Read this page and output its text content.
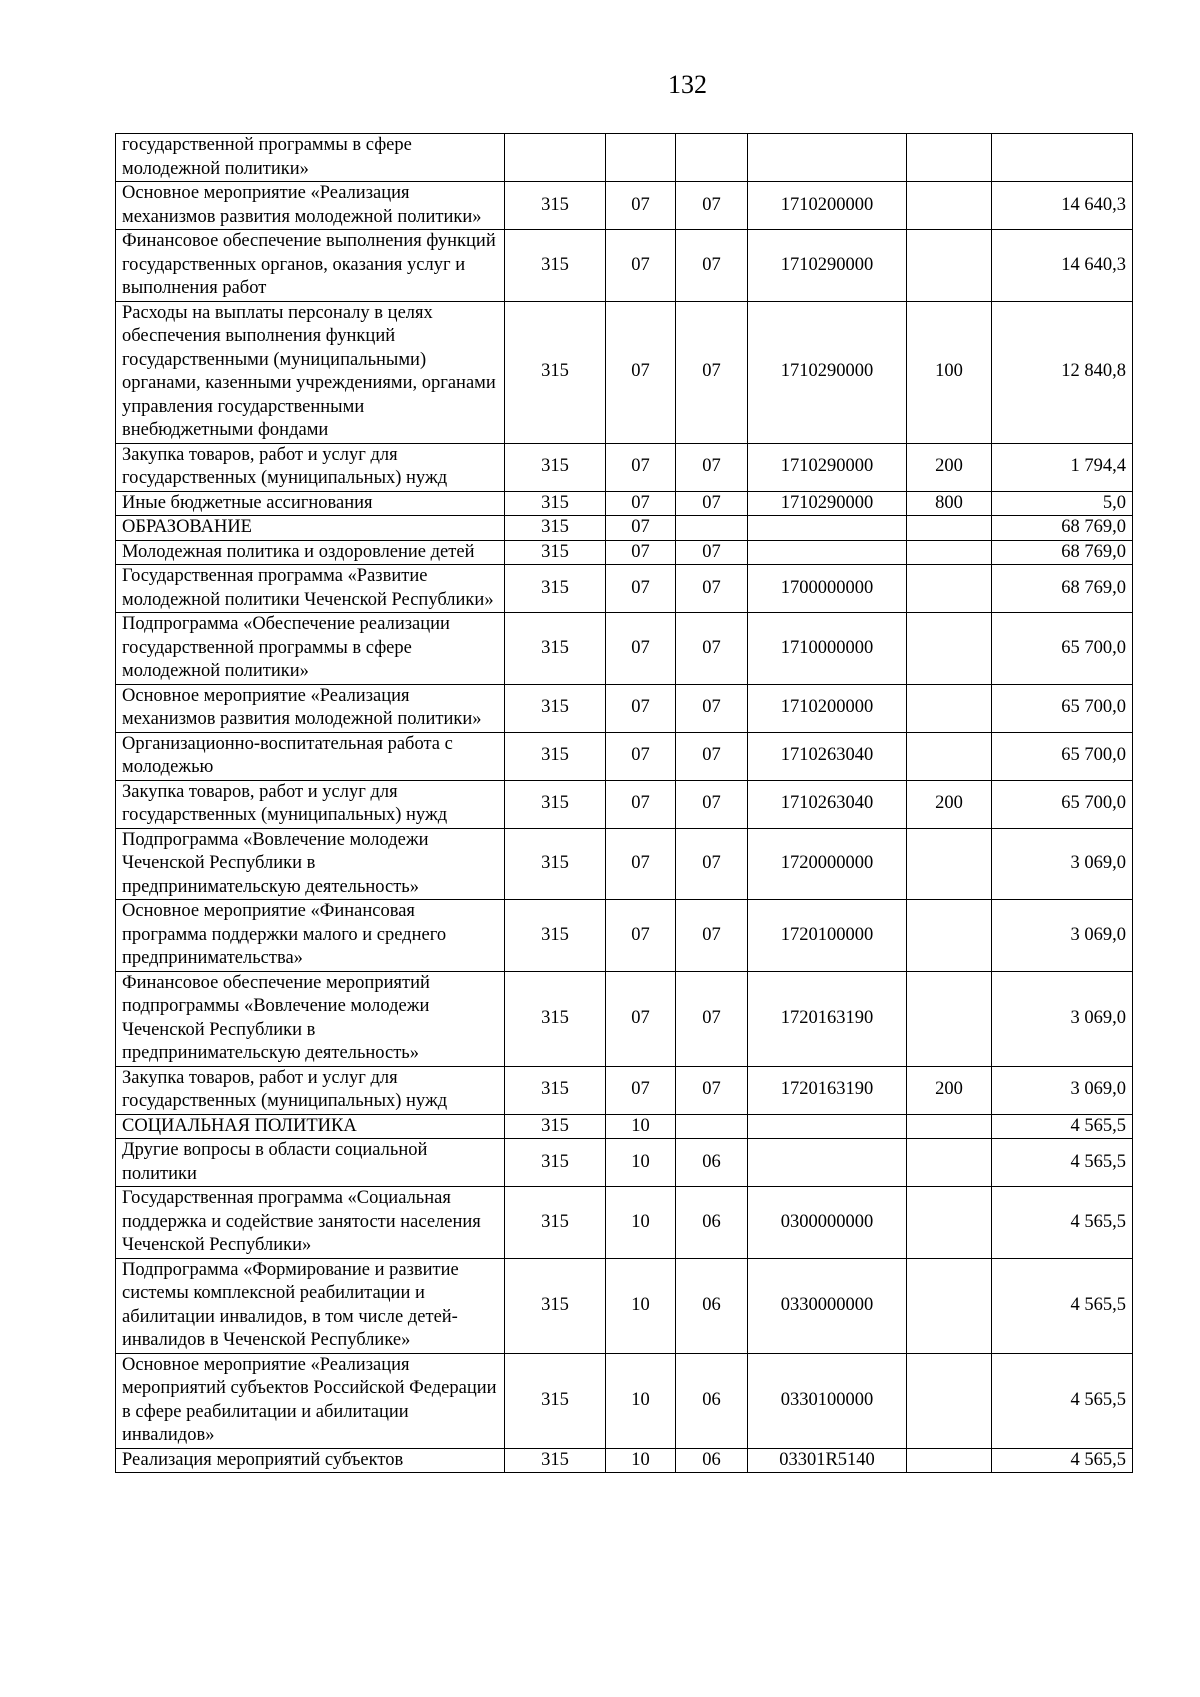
132
государственной программы в сфере молодежной политики»						
Основное мероприятие «Реализация механизмов развития молодежной политики»	315	07	07	1710200000		14 640,3
Финансовое обеспечение выполнения функций государственных органов, оказания услуг и выполнения работ	315	07	07	1710290000		14 640,3
Расходы на выплаты персоналу в целях обеспечения выполнения функций государственными (муниципальными) органами, казенными учреждениями, органами управления государственными внебюджетными фондами	315	07	07	1710290000	100	12 840,8
Закупка товаров, работ и услуг для государственных (муниципальных) нужд	315	07	07	1710290000	200	1 794,4
Иные бюджетные ассигнования	315	07	07	1710290000	800	5,0
ОБРАЗОВАНИЕ	315	07				68 769,0
Молодежная политика и оздоровление детей	315	07	07			68 769,0
Государственная программа «Развитие молодежной политики Чеченской Республики»	315	07	07	1700000000		68 769,0
Подпрограмма «Обеспечение реализации государственной программы в сфере молодежной политики»	315	07	07	1710000000		65 700,0
Основное мероприятие «Реализация механизмов развития молодежной политики»	315	07	07	1710200000		65 700,0
Организационно-воспитательная работа с молодежью	315	07	07	1710263040		65 700,0
Закупка товаров, работ и услуг для государственных (муниципальных) нужд	315	07	07	1710263040	200	65 700,0
Подпрограмма «Вовлечение молодежи Чеченской Республики в предпринимательскую деятельность»	315	07	07	1720000000		3 069,0
Основное мероприятие «Финансовая программа поддержки малого и среднего предпринимательства»	315	07	07	1720100000		3 069,0
Финансовое обеспечение мероприятий подпрограммы «Вовлечение молодежи Чеченской Республики в предпринимательскую деятельность»	315	07	07	1720163190		3 069,0
Закупка товаров, работ и услуг для государственных (муниципальных) нужд	315	07	07	1720163190	200	3 069,0
СОЦИАЛЬНАЯ ПОЛИТИКА	315	10				4 565,5
Другие вопросы в области социальной политики	315	10	06			4 565,5
Государственная программа «Социальная поддержка и содействие занятости населения Чеченской Республики»	315	10	06	0300000000		4 565,5
Подпрограмма «Формирование и развитие системы комплексной реабилитации и абилитации инвалидов, в том числе детей-инвалидов в Чеченской Республике»	315	10	06	0330000000		4 565,5
Основное мероприятие «Реализация мероприятий субъектов Российской Федерации в сфере реабилитации и абилитации инвалидов»	315	10	06	0330100000		4 565,5
Реализация мероприятий субъектов	315	10	06	03301R5140		4 565,5
